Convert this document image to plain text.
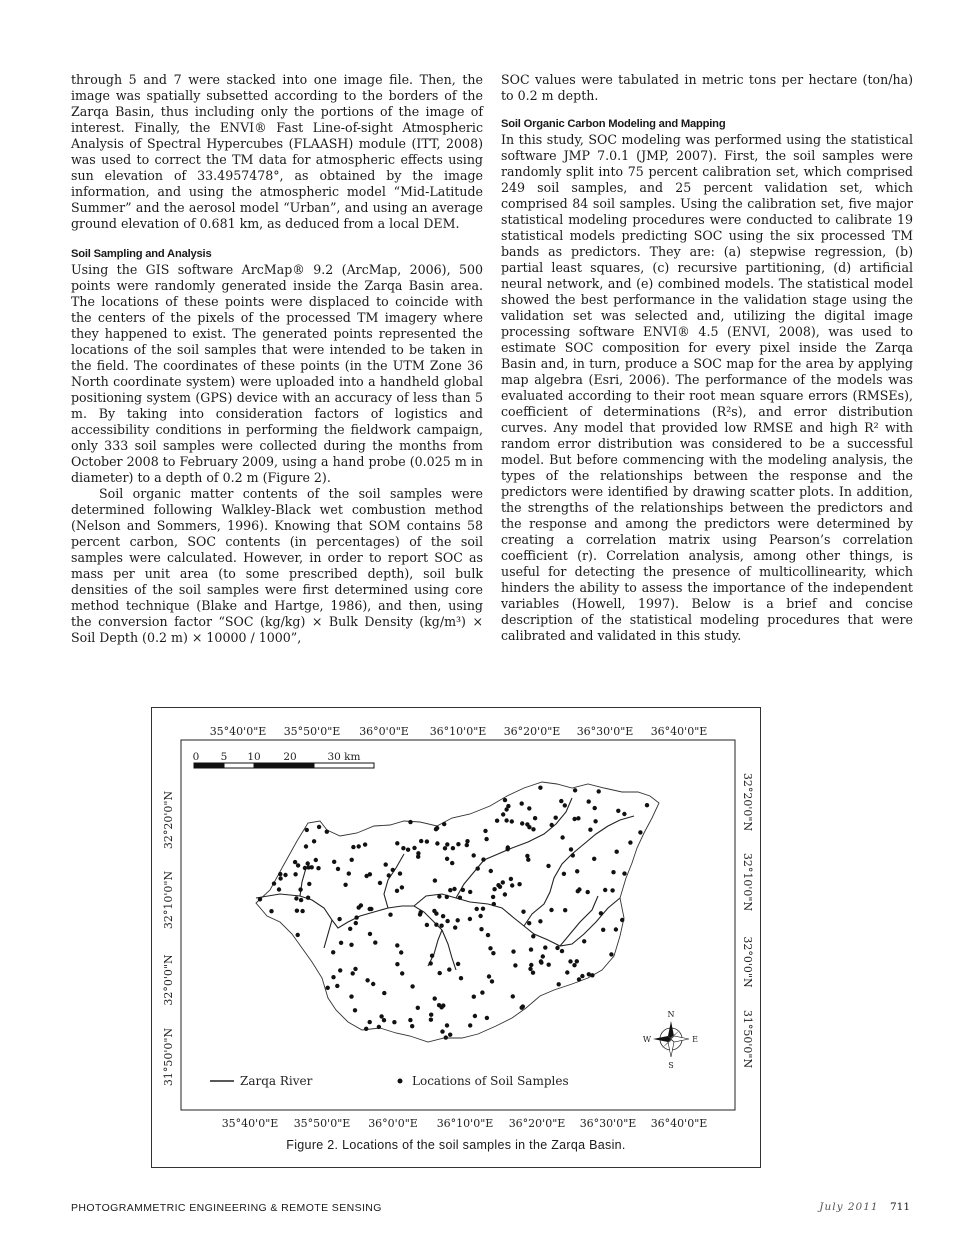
through 5 and 7 were stacked into one image file. Then, the image was spatially subsetted according to the borders of the Zarqa Basin, thus including only the portions of the image of interest. Finally, the ENVI® Fast Line-of-sight Atmospheric Analysis of Spectral Hypercubes (FLAASH) module (ITT, 2008) was used to correct the TM data for atmospheric effects using sun elevation of 33.4957478°, as obtained by the image information, and using the atmospheric model “Mid-Latitude Summer” and the aerosol model “Urban”, and using an average ground elevation of 0.681 km, as deduced from a local DEM.

Soil Sampling and Analysis

Using the GIS software ArcMap® 9.2 (ArcMap, 2006), 500 points were randomly generated inside the Zarqa Basin area. The locations of these points were displaced to coincide with the centers of the pixels of the processed TM imagery where they happened to exist. The generated points represented the locations of the soil samples that were intended to be taken in the field. The coordinates of these points (in the UTM Zone 36 North coordinate system) were uploaded into a handheld global positioning system (GPS) device with an accuracy of less than 5 m. By taking into consideration factors of logistics and accessibility conditions in performing the fieldwork campaign, only 333 soil samples were collected during the months from October 2008 to February 2009, using a hand probe (0.025 m in diameter) to a depth of 0.2 m (Figure 2).

Soil organic matter contents of the soil samples were determined following Walkley-Black wet combustion method (Nelson and Sommers, 1996). Knowing that SOM contains 58 percent carbon, SOC contents (in percentages) of the soil samples were calculated. However, in order to report SOC as mass per unit area (to some prescribed depth), soil bulk densities of the soil samples were first determined using core method technique (Blake and Hartge, 1986), and then, using the conversion factor “SOC (kg/kg) × Bulk Density (kg/m³) × Soil Depth (0.2 m) × 10000 / 1000”,

SOC values were tabulated in metric tons per hectare (ton/ha) to 0.2 m depth.

Soil Organic Carbon Modeling and Mapping

In this study, SOC modeling was performed using the statistical software JMP 7.0.1 (JMP, 2007). First, the soil samples were randomly split into 75 percent calibration set, which comprised 249 soil samples, and 25 percent validation set, which comprised 84 soil samples. Using the calibration set, five major statistical modeling procedures were conducted to calibrate 19 statistical models predicting SOC using the six processed TM bands as predictors. They are: (a) stepwise regression, (b) partial least squares, (c) recursive partitioning, (d) artificial neural network, and (e) combined models. The statistical model showed the best performance in the validation stage using the validation set was selected and, utilizing the digital image processing software ENVI® 4.5 (ENVI, 2008), was used to estimate SOC composition for every pixel inside the Zarqa Basin and, in turn, produce a SOC map for the area by applying map algebra (Esri, 2006). The performance of the models was evaluated according to their root mean square errors (RMSEs), coefficient of determinations (R²s), and error distribution curves. Any model that provided low RMSE and high R² with random error distribution was considered to be a successful model. But before commencing with the modeling analysis, the types of the relationships between the response and the predictors were identified by drawing scatter plots. In addition, the strengths of the relationships between the predictors and the response and among the predictors were determined by creating a correlation matrix using Pearson’s correlation coefficient (r). Correlation analysis, among other things, is useful for detecting the presence of multicollinearity, which hinders the ability to assess the importance of the independent variables (Howell, 1997). Below is a brief and concise description of the statistical modeling procedures that were calibrated and validated in this study.

35°40'0"E 35°50'0"E 36°0'0"E 36°10'0"E 36°20'0"E 36°30'0"E 36°40'0"E
35°40'0"E 35°50'0"E 36°0'0"E 36°10'0"E 36°20'0"E 36°30'0"E 36°40'0"E
32°20'0"N
32°10'0"N
32°0'0"N
31°50'0"N
32°20'0"N
32°10'0"N
32°0'0"N
31°50'0"N
0 5 10 20	30 km
Zarqa River	Locations of Soil Samples
N
S
E
W
Figure 2. Locations of the soil samples in the Zarqa Basin.
PHOTOGRAMMETRIC ENGINEERING & REMOTE SENSING	July 2011 711
